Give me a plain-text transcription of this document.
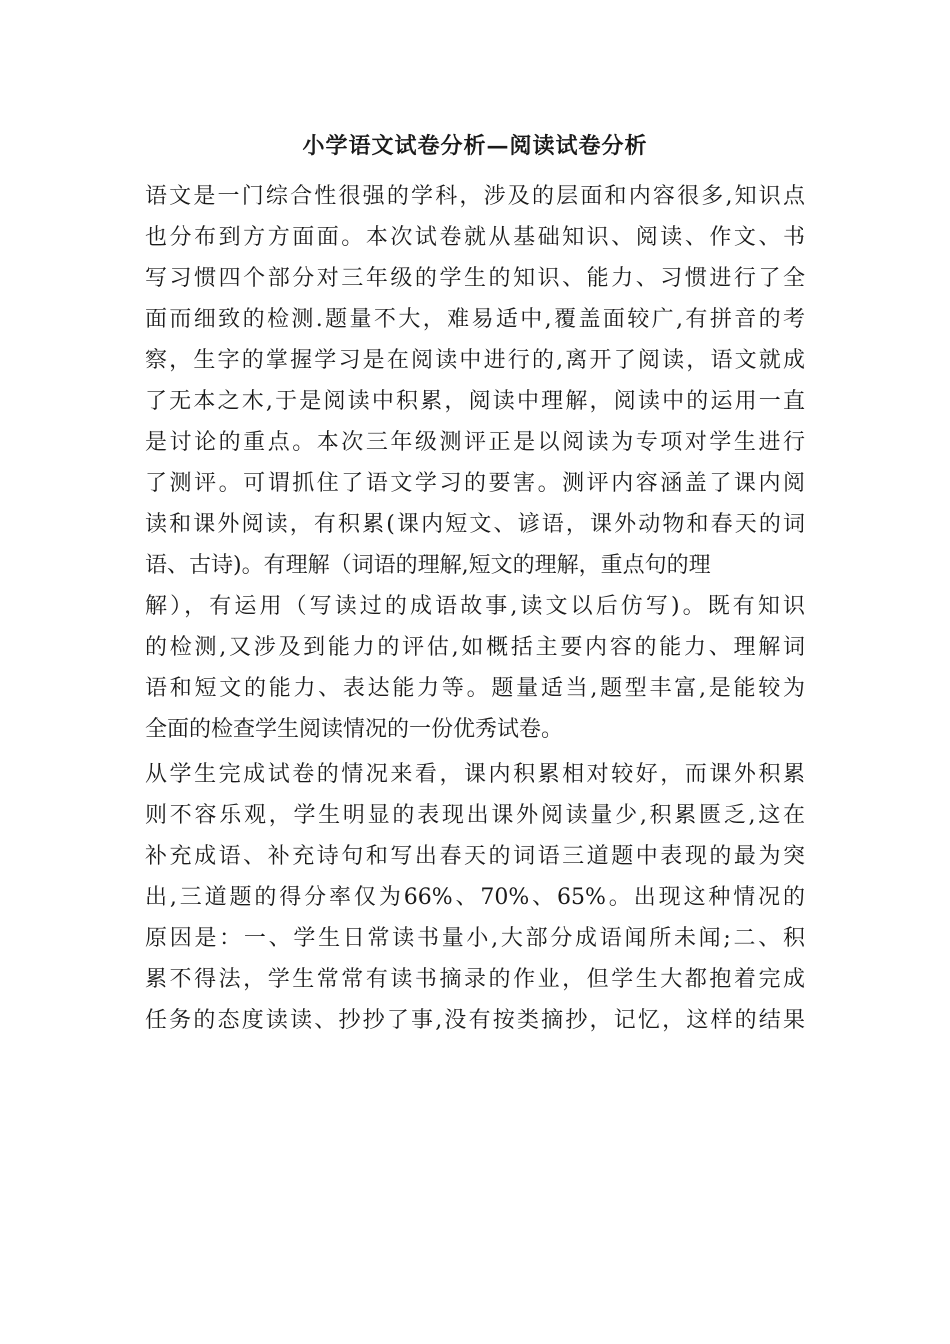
小学语文试卷分析—阅读试卷分析
语文是一门综合性很强的学科，涉及的层面和内容很多,知识点
也分布到方方面面。本次试卷就从基础知识、阅读、作文、书
写习惯四个部分对三年级的学生的知识、能力、习惯进行了全
面而细致的检测.题量不大，难易适中,覆盖面较广,有拼音的考
察，生字的掌握学习是在阅读中进行的,离开了阅读，语文就成
了无本之木,于是阅读中积累，阅读中理解，阅读中的运用一直
是讨论的重点。本次三年级测评正是以阅读为专项对学生进行
了测评。可谓抓住了语文学习的要害。测评内容涵盖了课内阅
读和课外阅读，有积累(课内短文、谚语，课外动物和春天的词
语、古诗)。有理解（词语的理解,短文的理解，重点句的理
解），有运用（写读过的成语故事,读文以后仿写)。既有知识
的检测,又涉及到能力的评估,如概括主要内容的能力、理解词
语和短文的能力、表达能力等。题量适当,题型丰富,是能较为
全面的检查学生阅读情况的一份优秀试卷。
从学生完成试卷的情况来看，课内积累相对较好，而课外积累
则不容乐观，学生明显的表现出课外阅读量少,积累匮乏,这在
补充成语、补充诗句和写出春天的词语三道题中表现的最为突
出,三道题的得分率仅为66%、70%、65%。出现这种情况的
原因是：一、学生日常读书量小,大部分成语闻所未闻;二、积
累不得法，学生常常有读书摘录的作业，但学生大都抱着完成
任务的态度读读、抄抄了事,没有按类摘抄，记忆，这样的结果
